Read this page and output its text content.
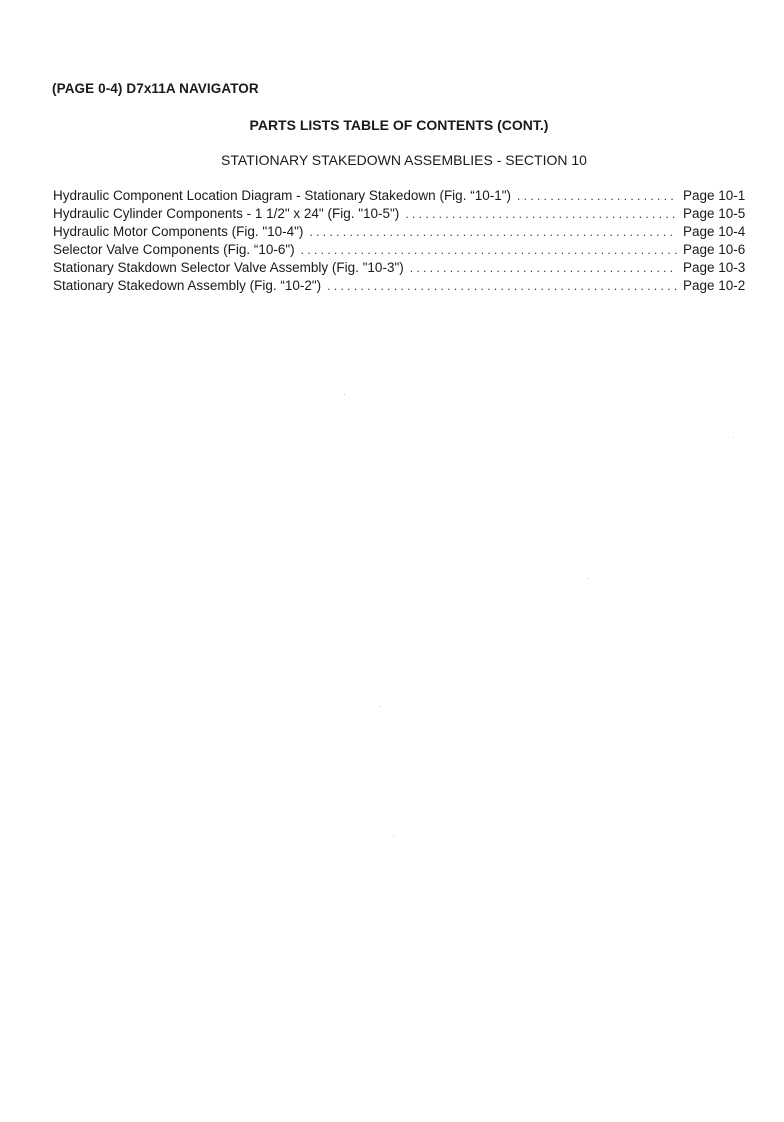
(PAGE 0-4) D7x11A NAVIGATOR
PARTS LISTS TABLE OF CONTENTS (CONT.)
STATIONARY STAKEDOWN ASSEMBLIES - SECTION 10
Hydraulic Component Location Diagram - Stationary Stakedown (Fig. “10-1") . . .	Page 10-1
Hydraulic Cylinder Components - 1 1/2" x 24" (Fig. "10-5") . . .	Page 10-5
Hydraulic Motor Components (Fig. "10-4") . . .	Page 10-4
Selector Valve Components (Fig. “10-6") . . .	Page 10-6
Stationary Stakdown Selector Valve Assembly (Fig. "10-3") . . .	Page 10-3
Stationary Stakedown Assembly (Fig. “10-2") . . .	Page 10-2
